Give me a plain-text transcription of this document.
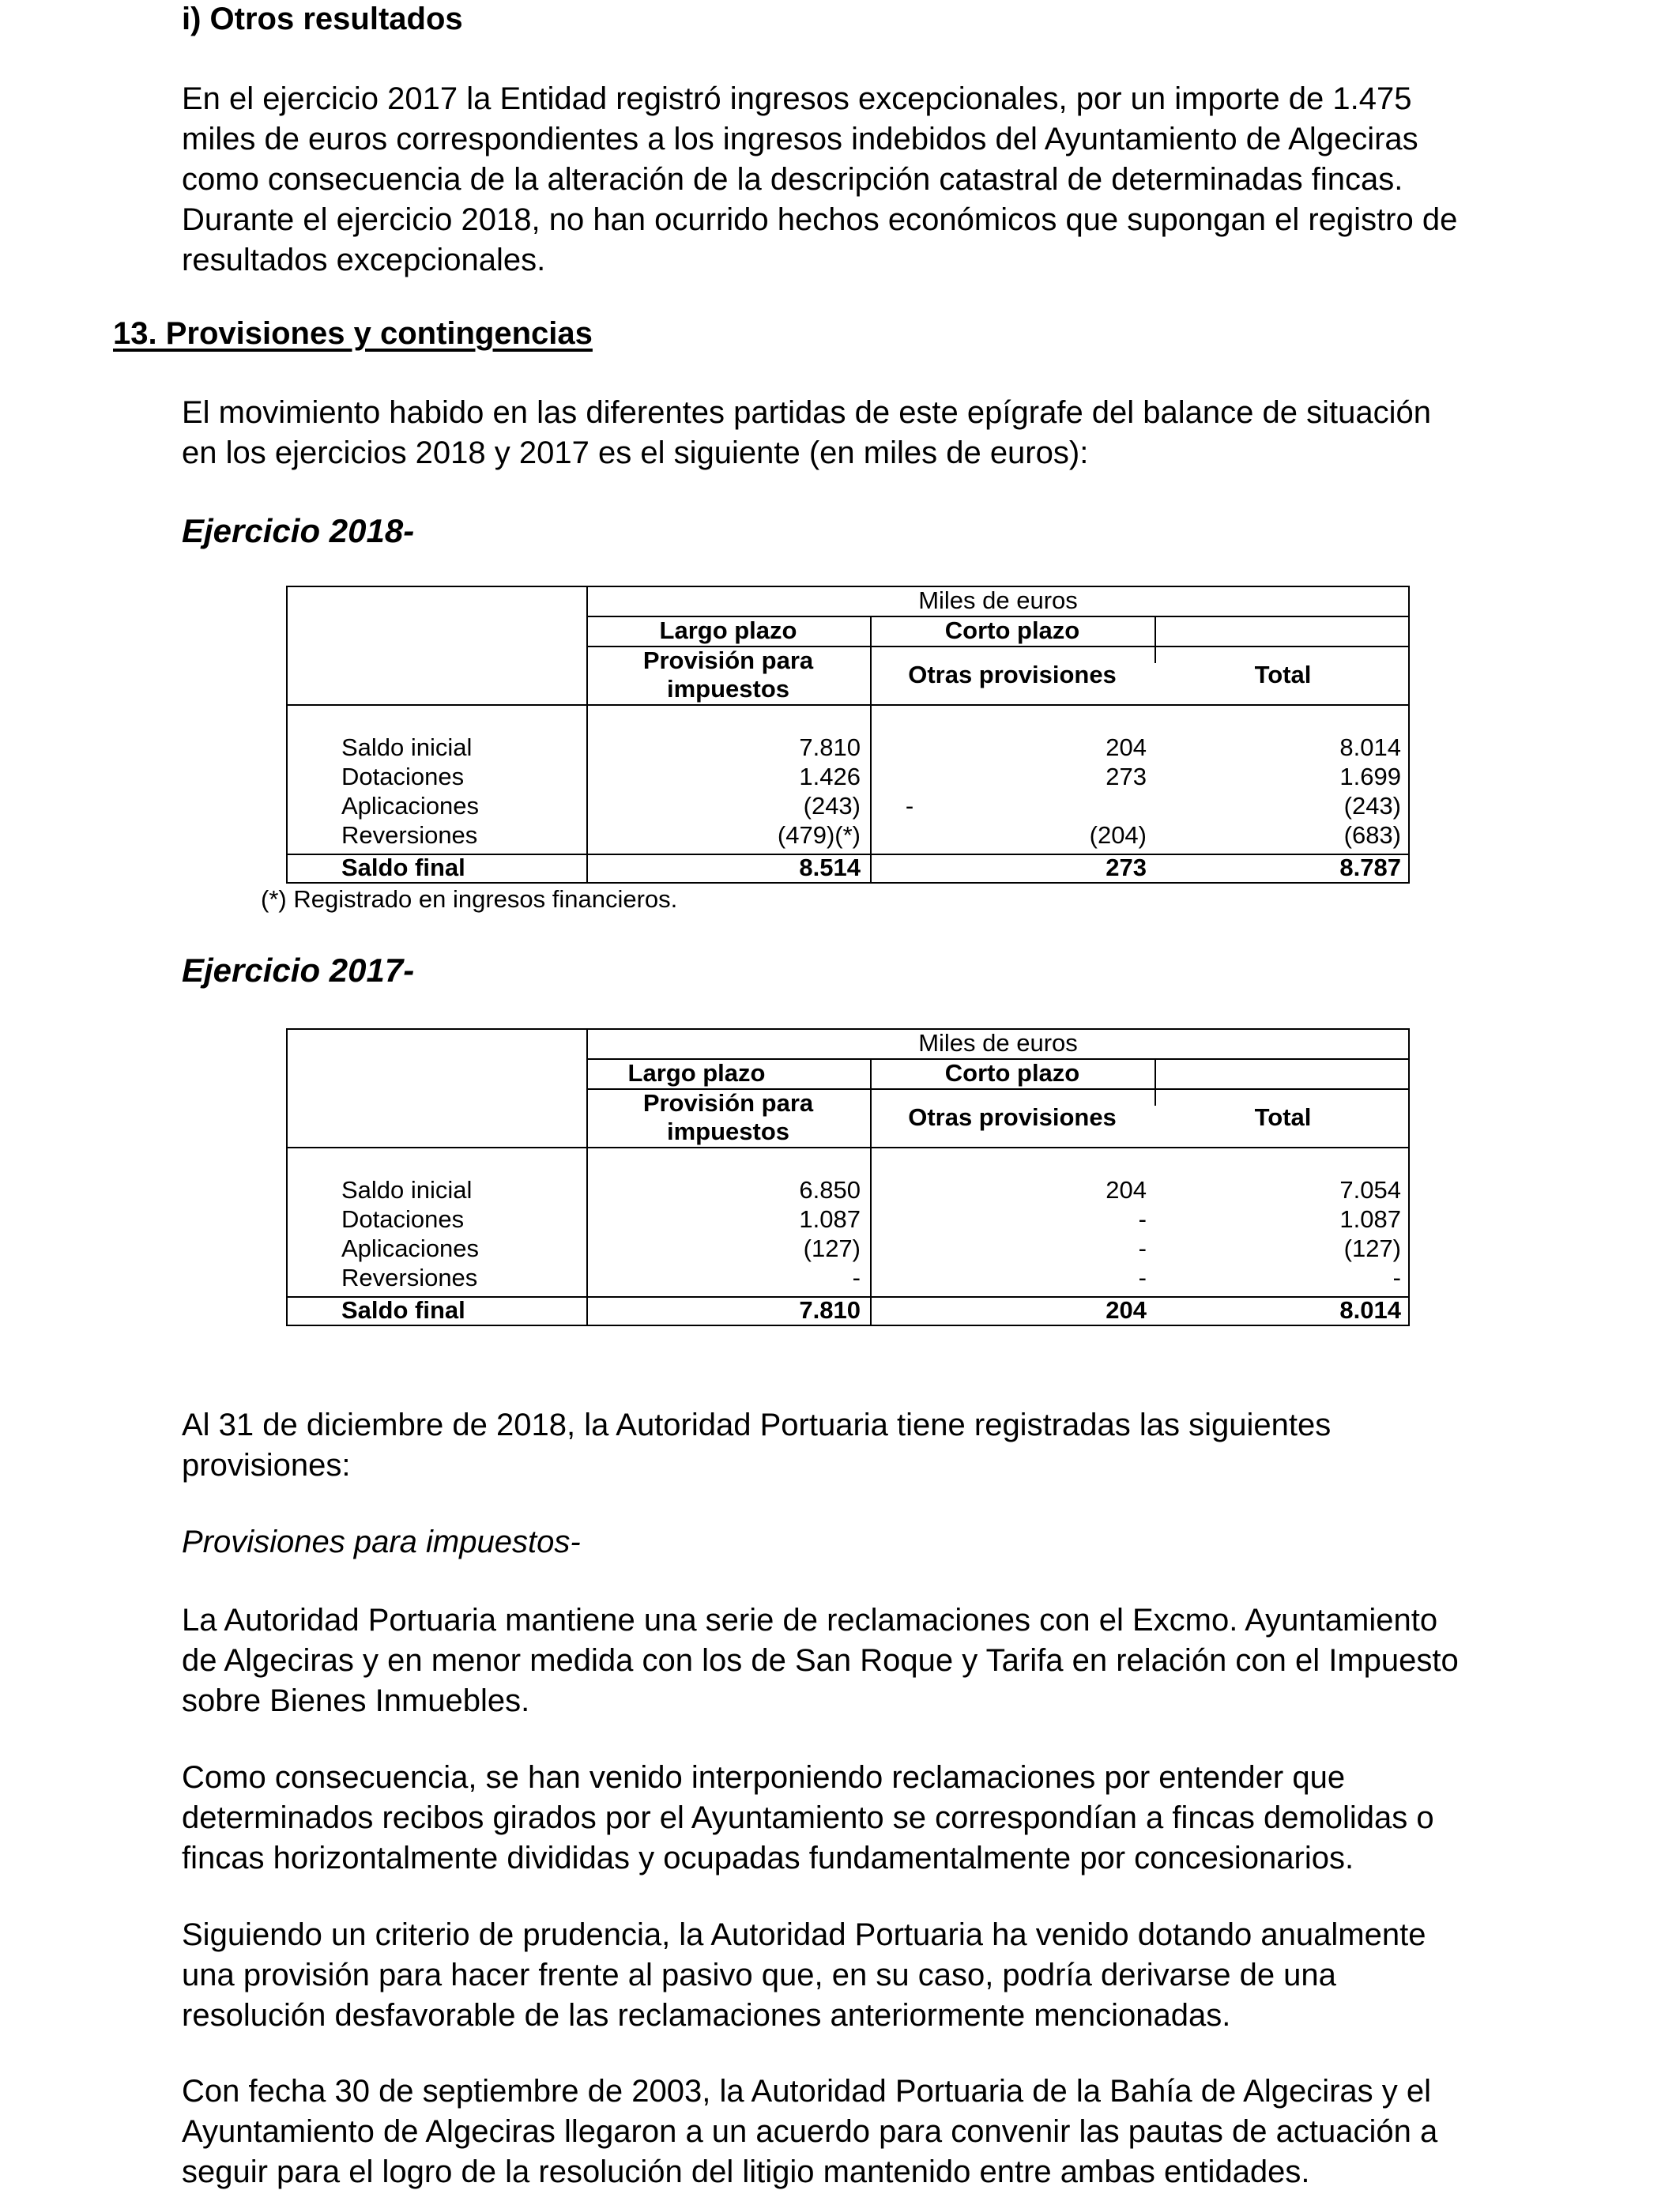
i) Otros resultados
En el ejercicio 2017 la Entidad registró ingresos excepcionales, por un importe de 1.475
miles de euros correspondientes a los ingresos indebidos del Ayuntamiento de Algeciras
como consecuencia de la alteración de la descripción catastral de determinadas fincas.
Durante el ejercicio 2018, no han ocurrido hechos económicos que supongan el registro de
resultados excepcionales.
13. Provisiones y contingencias
El movimiento habido en las diferentes partidas de este epígrafe del balance de situación
en los ejercicios 2018 y 2017 es el siguiente (en miles de euros):
Ejercicio 2018-
Miles de euros
Largo plazo	Corto plazo
Provisión para
impuestos
Otras provisiones	Total
Saldo inicial	7.810	204	8.014
Dotaciones	1.426	273	1.699
Aplicaciones	(243)	-	(243)
Reversiones	(479)(*)	(204)	(683)
Saldo final	8.514	273	8.787
(*) Registrado en ingresos financieros.
Ejercicio 2017-
Miles de euros
Largo plazo	Corto plazo
Provisión para
impuestos
Otras provisiones	Total
Saldo inicial	6.850	204	7.054
Dotaciones	1.087	-	1.087
Aplicaciones	(127)	-	(127)
Reversiones	-	-	-
Saldo final	7.810	204	8.014
Al 31 de diciembre de 2018, la Autoridad Portuaria tiene registradas las siguientes
provisiones:
Provisiones para impuestos-
La Autoridad Portuaria mantiene una serie de reclamaciones con el Excmo. Ayuntamiento
de Algeciras y en menor medida con los de San Roque y Tarifa en relación con el Impuesto
sobre Bienes Inmuebles.
Como consecuencia, se han venido interponiendo reclamaciones por entender que
determinados recibos girados por el Ayuntamiento se correspondían a fincas demolidas o
fincas horizontalmente divididas y ocupadas fundamentalmente por concesionarios.
Siguiendo un criterio de prudencia, la Autoridad Portuaria ha venido dotando anualmente
una provisión para hacer frente al pasivo que, en su caso, podría derivarse de una
resolución desfavorable de las reclamaciones anteriormente mencionadas.
Con fecha 30 de septiembre de 2003, la Autoridad Portuaria de la Bahía de Algeciras y el
Ayuntamiento de Algeciras llegaron a un acuerdo para convenir las pautas de actuación a
seguir para el logro de la resolución del litigio mantenido entre ambas entidades.
